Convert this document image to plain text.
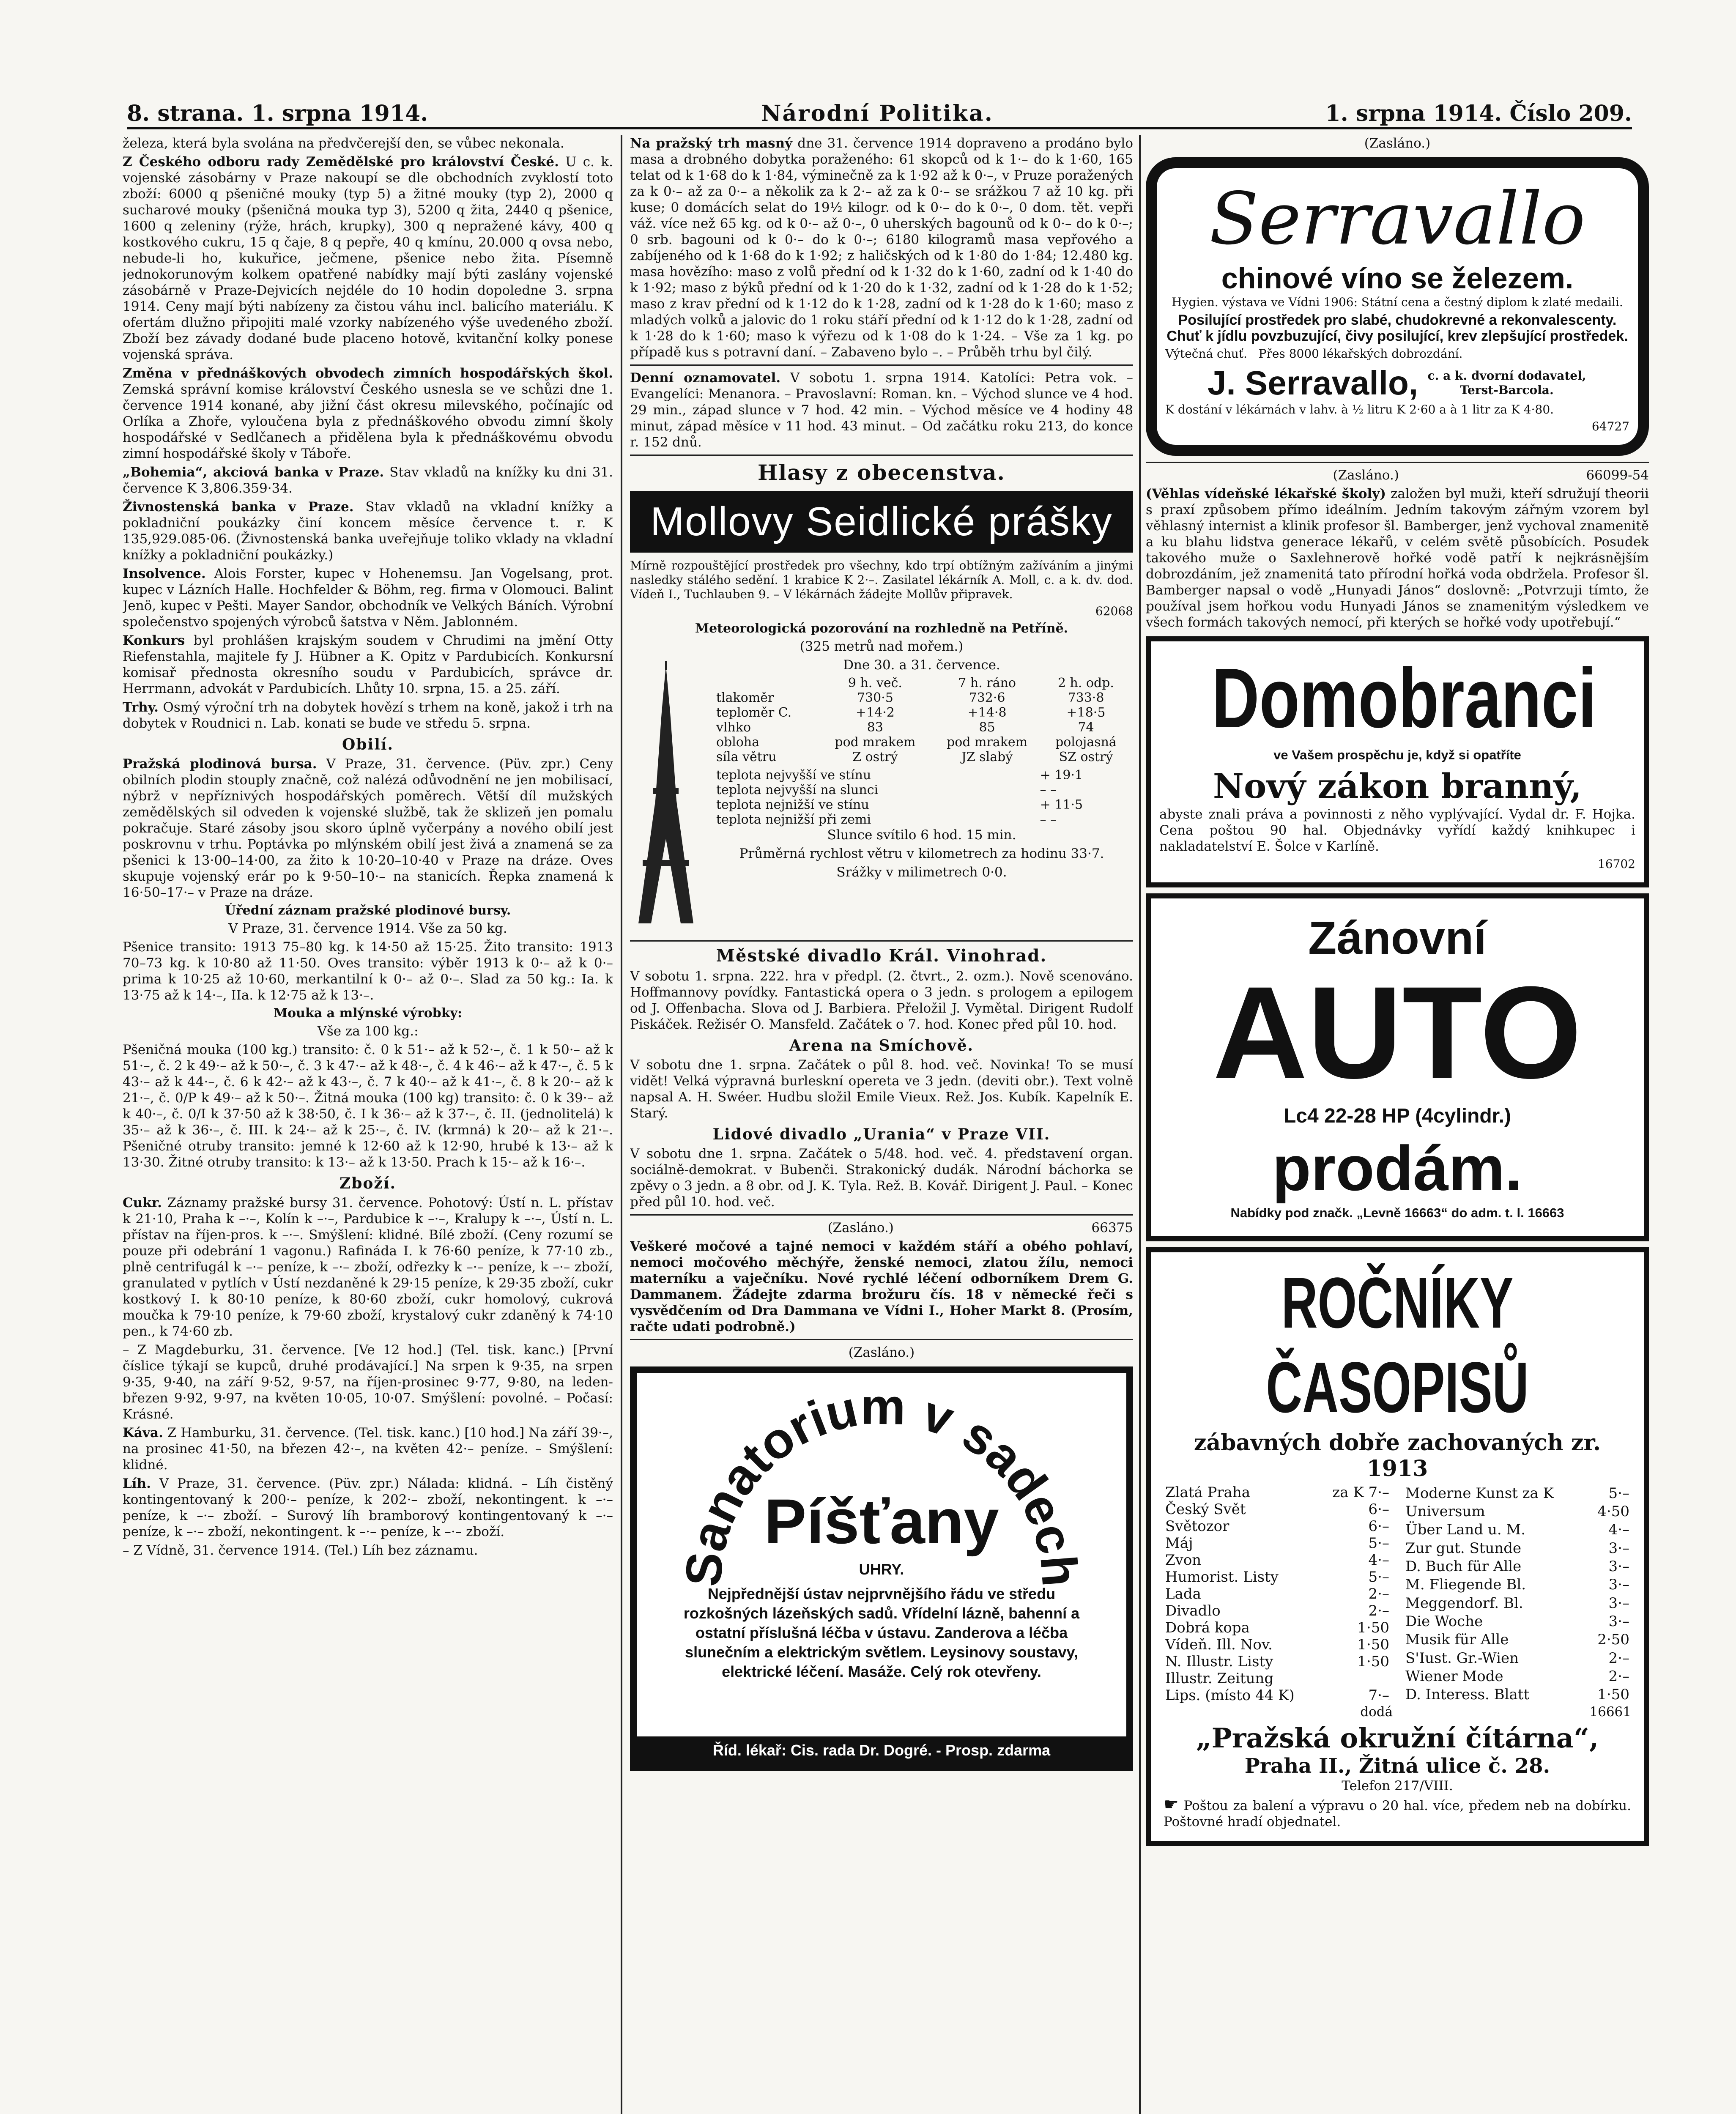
8. strana. 1. srpna 1914.	Národní Politika.	1. srpna 1914. Číslo 209.

železa, která byla svolána na předvčerejší den, se vůbec nekonala.

Z Českého odboru rady Zemědělské pro království České. U c. k. vojenské zásobárny v Praze nakoupí se dle obchodních zvyklostí toto zboží: 6000 q pšeničné mouky (typ 5) a žitné mouky (typ 2), 2000 q sucharové mouky (pšeničná mouka typ 3), 5200 q žita, 2440 q pšenice, 1600 q zeleniny (rýže, hrách, krupky), 300 q nepražené kávy, 400 q kostkového cukru, 15 q čaje, 8 q pepře, 40 q kmínu, 20.000 q ovsa nebo, nebude-li ho, kukuřice, ječmene, pšenice nebo žita. Písemně jednokorunovým kolkem opatřené nabídky mají býti zaslány vojenské zásobárně v Praze-Dejvicích nejdéle do 10 hodin dopoledne 3. srpna 1914. Ceny mají býti nabízeny za čistou váhu incl. balicího materiálu. K ofertám dlužno připojiti malé vzorky nabízeného výše uvedeného zboží. Zboží bez závady dodané bude placeno hotově, kvitanční kolky ponese vojenská správa.

Změna v přednáškových obvodech zimních hospodářských škol. Zemská správní komise království Českého usnesla se ve schůzi dne 1. července 1914 konané, aby jižní část okresu milevského, počínajíc od Orlíka a Zhoře, vyloučena byla z přednáškového obvodu zimní školy hospodářské v Sedlčanech a přidělena byla k přednáškovému obvodu zimní hospodářské školy v Táboře.

„Bohemia“, akciová banka v Praze. Stav vkladů na knížky ku dni 31. července K 3,806.359·34.

Živnostenská banka v Praze. Stav vkladů na vkladní knížky a pokladniční poukázky činí koncem měsíce července t. r. K 135,929.085·06. (Živnostenská banka uveřejňuje toliko vklady na vkladní knížky a pokladniční poukázky.)

Insolvence. Alois Forster, kupec v Hohenemsu. Jan Vogelsang, prot. kupec v Lázních Halle. Hochfelder & Böhm, reg. firma v Olomouci. Balint Jenö, kupec v Pešti. Mayer Sandor, obchodník ve Velkých Báních. Výrobní společenstvo spojených výrobců šatstva v Něm. Jablonném.

Konkurs byl prohlášen krajským soudem v Chrudimi na jmění Otty Riefenstahla, majitele fy J. Hübner a K. Opitz v Pardubicích. Konkursní komisař přednosta okresního soudu v Pardubicích, správce dr. Herrmann, advokát v Pardubicích. Lhůty 10. srpna, 15. a 25. září.

Trhy. Osmý výroční trh na dobytek hovězí s trhem na koně, jakož i trh na dobytek v Roudnici n. Lab. konati se bude ve středu 5. srpna.

Obilí.

Pražská plodinová bursa. V Praze, 31. července. (Püv. zpr.) Ceny obilních plodin stouply značně, což nalézá odůvodnění ne jen mobilisací, nýbrž v nepříznivých hospodářských poměrech. Větší díl mužských zemědělských sil odveden k vojenské službě, tak že sklizeň jen pomalu pokračuje. Staré zásoby jsou skoro úplně vyčerpány a nového obilí jest poskrovnu v trhu. Poptávka po mlýnském obilí jest živá a znamená se za pšenici k 13·00–14·00, za žito k 10·20–10·40 v Praze na dráze. Oves skupuje vojenský erár po k 9·50–10·– na stanicích. Řepka znamená k 16·50–17·– v Praze na dráze.

Úřední záznam pražské plodinové bursy.

V Praze, 31. července 1914. Vše za 50 kg.

Pšenice transito: 1913 75–80 kg. k 14·50 až 15·25. Žito transito: 1913 70–73 kg. k 10·80 až 11·50. Oves transito: výběr 1913 k 0·– až k 0·– prima k 10·25 až 10·60, merkantilní k 0·– až 0·–. Slad za 50 kg.: Ia. k 13·75 až k 14·–, IIa. k 12·75 až k 13·–.

Mouka a mlýnské výrobky:

Vše za 100 kg.:

Pšeničná mouka (100 kg.) transito: č. 0 k 51·– až k 52·–, č. 1 k 50·– až k 51·–, č. 2 k 49·– až k 50·–, č. 3 k 47·– až k 48·–, č. 4 k 46·– až k 47·–, č. 5 k 43·– až k 44·–, č. 6 k 42·– až k 43·–, č. 7 k 40·– až k 41·–, č. 8 k 20·– až k 21·–, č. 0/P k 49·– až k 50·–. Žitná mouka (100 kg) transito: č. 0 k 39·– až k 40·–, č. 0/I k 37·50 až k 38·50, č. I k 36·– až k 37·–, č. II. (jednolitelá) k 35·– až k 36·–, č. III. k 24·– až k 25·–, č. IV. (krmná) k 20·– až k 21·–. Pšeničné otruby transito: jemné k 12·60 až k 12·90, hrubé k 13·– až k 13·30. Žitné otruby transito: k 13·– až k 13·50. Prach k 15·– až k 16·–.

Zboží.

Cukr. Záznamy pražské bursy 31. července. Pohotový: Ústí n. L. přístav k 21·10, Praha k –·–, Kolín k –·–, Pardubice k –·–, Kralupy k –·–, Ústí n. L. přístav na říjen-pros. k –·–. Smýšlení: klidné. Bílé zboží. (Ceny rozumí se pouze při odebrání 1 vagonu.) Rafináda I. k 76·60 peníze, k 77·10 zb., plně centrifugál k –·– peníze, k –·– zboží, odřezky k –·– peníze, k –·– zboží, granulated v pytlích v Ústí nezdaněné k 29·15 peníze, k 29·35 zboží, cukr kostkový I. k 80·10 peníze, k 80·60 zboží, cukr homolový, cukrová moučka k 79·10 peníze, k 79·60 zboží, krystalový cukr zdaněný k 74·10 pen., k 74·60 zb.

– Z Magdeburku, 31. července. [Ve 12 hod.] (Tel. tisk. kanc.) [První číslice týkají se kupců, druhé prodávající.] Na srpen k 9·35, na srpen 9·35, 9·40, na září 9·52, 9·57, na říjen-prosinec 9·77, 9·80, na leden-březen 9·92, 9·97, na květen 10·05, 10·07. Smýšlení: povolné. – Počasí: Krásné.

Káva. Z Hamburku, 31. července. (Tel. tisk. kanc.) [10 hod.] Na září 39·–, na prosinec 41·50, na březen 42·–, na květen 42·– peníze. – Smýšlení: klidné.

Líh. V Praze, 31. července. (Püv. zpr.) Nálada: klidná. – Líh čistěný kontingentovaný k 200·– peníze, k 202·– zboží, nekontingent. k –·– peníze, k –·– zboží. – Surový líh bramborový kontingentovaný k –·– peníze, k –·– zboží, nekontingent. k –·– peníze, k –·– zboží.

– Z Vídně, 31. července 1914. (Tel.) Líh bez záznamu.

Na pražský trh masný dne 31. července 1914 dopraveno a prodáno bylo masa a drobného dobytka poraženého: 61 skopců od k 1·– do k 1·60, 165 telat od k 1·68 do k 1·84, výminečně za k 1·92 až k 0·–, v Pruze poražených za k 0·– až za 0·– a několik za k 2·– až za k 0·– se srážkou 7 až 10 kg. při kuse; 0 domácích selat do 19½ kilogr. od k 0·– do k 0·–, 0 dom. tět. vepři váž. více než 65 kg. od k 0·– až 0·–, 0 uherských bagounů od k 0·– do k 0·–; 0 srb. bagouni od k 0·– do k 0·–; 6180 kilogramů masa vepřového a zabíjeného od k 1·68 do k 1·92; z haličských od k 1·80 do 1·84; 12.480 kg. masa hovězího: maso z volů přední od k 1·32 do k 1·60, zadní od k 1·40 do k 1·92; maso z býků přední od k 1·20 do k 1·32, zadní od k 1·28 do k 1·52; maso z krav přední od k 1·12 do k 1·28, zadní od k 1·28 do k 1·60; maso z mladých volků a jalovic do 1 roku stáří přední od k 1·12 do k 1·28, zadní od k 1·28 do k 1·60; maso k výřezu od k 1·08 do k 1·24. – Vše za 1 kg. po případě kus s potravní daní. – Zabaveno bylo –. – Průběh trhu byl čilý.

Denní oznamovatel. V sobotu 1. srpna 1914. Katolíci: Petra vok. – Evangelíci: Menanora. – Pravoslavní: Roman. kn. – Východ slunce ve 4 hod. 29 min., západ slunce v 7 hod. 42 min. – Východ měsíce ve 4 hodiny 48 minut, západ měsíce v 11 hod. 43 minut. – Od začátku roku 213, do konce r. 152 dnů.

Hlasy z obecenstva.
Mollovy Seidlické prášky

Mírně rozpouštějící prostředek pro všechny, kdo trpí obtížným zažíváním a jinými nasledky stálého sedění. 1 krabice K 2·–. Zasilatel lékárník A. Moll, c. a k. dv. dod. Vídeň I., Tuchlauben 9. – V lékárnách žádejte Mollův připravek.

62068

Meteorologická pozorování na rozhledně na Petříně.

(325 metrů nad mořem.)

Dne 30. a 31. července.

	9 h. več.	7 h. ráno	2 h. odp.
tlakoměr	730·5	732·6	733·8
teploměr C.	+14·2	+14·8	+18·5
vlhko	83	85	74
obloha	pod mrakem	pod mrakem	polojasná
síla větru	Z ostrý	JZ slabý	SZ ostrý
teplota nejvyšší ve stínu	+ 19·1
teplota nejvyšší na slunci	– –
teplota nejnižší ve stínu	+ 11·5
teplota nejnižší při zemi	– –

Slunce svítilo 6 hod. 15 min.

Průměrná rychlost větru v kilometrech za hodinu 33·7.

Srážky v milimetrech 0·0.

Městské divadlo Král. Vinohrad.

V sobotu 1. srpna. 222. hra v předpl. (2. čtvrt., 2. ozm.). Nově scenováno. Hoffmannovy povídky. Fantastická opera o 3 jedn. s prologem a epilogem od J. Offenbacha. Slova od J. Barbiera. Přeložil J. Vymětal. Dirigent Rudolf Piskáček. Režisér O. Mansfeld. Začátek o 7. hod. Konec před půl 10. hod.

Arena na Smíchově.

V sobotu dne 1. srpna. Začátek o půl 8. hod. več. Novinka! To se musí vidět! Velká výpravná burleskní opereta ve 3 jedn. (deviti obr.). Text volně napsal A. H. Swéer. Hudbu složil Emile Vieux. Rež. Jos. Kubík. Kapelník E. Starý.

Lidové divadlo „Urania“ v Praze VII.

V sobotu dne 1. srpna. Začátek o 5/48. hod. več. 4. představení organ. sociálně-demokrat. v Bubenči. Strakonický dudák. Národní báchorka se zpěvy o 3 jedn. a 8 obr. od J. K. Tyla. Rež. B. Kovář. Dirigent J. Paul. – Konec před půl 10. hod. več.

(Zasláno.)	66375

Veškeré močové a tajné nemoci v každém stáří a obého pohlaví, nemoci močového měchýře, ženské nemoci, zlatou žílu, nemoci materníku a vaječníku. Nové rychlé léčení odborníkem Drem G. Dammanem. Žádejte zdarma brožuru čís. 18 v německé řeči s vysvědčením od Dra Dammana ve Vídni I., Hoher Markt 8. (Prosím, račte udati podrobně.)

(Zasláno.)

Sanatorium v sadech
Píšťany
UHRY.

Nejpřednější ústav nejprvnějšího řádu ve středu rozkošných lázeňských sadů. Vřídelní lázně, bahenní a ostatní příslušná léčba v ústavu. Zanderova a léčba slunečním a elektrickým světlem. Leysinovy soustavy, elektrické léčení. Masáže. Celý rok otevřeny.

Říd. lékař: Cis. rada Dr. Dogré. - Prosp. zdarma

(Zasláno.)

Serravallo
chinové víno se železem.

Hygien. výstava ve Vídni 1906: Státní cena a čestný diplom k zlaté medaili.

Posilující prostředek pro slabé, chudokrevné a rekonvalescenty. Chuť k jídlu povzbuzující, čivy posilující, krev zlepšující prostředek.

Výtečná chuť. Přes 8000 lékařských dobrozdání.

J. Serravallo, c. a k. dvorní dodavatel, Terst-Barcola.

K dostání v lékárnách v lahv. à ½ litru K 2·60 a à 1 litr za K 4·80.

64727

(Zasláno.)	66099-54

(Věhlas vídeňské lékařské školy) založen byl muži, kteří sdružují theorii s praxí způsobem přímo ideálním. Jedním takovým zářným vzorem byl věhlasný internist a klinik profesor šl. Bamberger, jenž vychoval znamenitě a ku blahu lidstva generace lékařů, v celém světě působících. Posudek takového muže o Saxlehnerově hořké vodě patří k nejkrásnějším dobrozdáním, jež znamenitá tato přírodní hořká voda obdržela. Profesor šl. Bamberger napsal o vodě „Hunyadi János“ doslovně: „Potvrzuji tímto, že používal jsem hořkou vodu Hunyadi János se znamenitým výsledkem ve všech formách takových nemocí, při kterých se hořké vody upotřebují.“

Domobranci

ve Vašem prospěchu je, když si opatříte

Nový zákon branný,

abyste znali práva a povinnosti z něho vyplývající. Vydal dr. F. Hojka. Cena poštou 90 hal. Objednávky vyřídí každý knihkupec i nakladatelství E. Šolce v Karlíně.

16702

Zánovní
AUTO
Lc4 22-28 HP (4cylindr.)
prodám.

Nabídky pod značk. „Levně 16663“ do adm. t. l. 16663

ROČNÍKY ČASOPISŮ
zábavných dobře zachovaných zr. 1913
Zlatá Praha	za K 7·–
Český Svět	6·–
Světozor	6·–
Máj	5·–
Zvon	4·–
Humorist. Listy	5·–
Lada	2·–
Divadlo	2·–
Dobrá kopa	1·50
Vídeň. Ill. Nov.	1·50
N. Illustr. Listy	1·50
Illustr. Zeitung	
Lips. (místo 44 K)	7·–
Moderne Kunst za K	5·–
Universum	4·50
Über Land u. M.	4·–
Zur gut. Stunde	3·–
D. Buch für Alle	3·–
M. Fliegende Bl.	3·–
Meggendorf. Bl.	3·–
Die Woche	3·–
Musik für Alle	2·50
S'Iust. Gr.-Wien	2·–
Wiener Mode	2·–
D. Interess. Blatt	1·50

dodá	16661

„Pražská okružní čítárna“,
Praha II., Žitná ulice č. 28.

Telefon 217/VIII.

☛ Poštou za balení a výpravu o 20 hal. více, předem neb na dobírku. Poštovné hradí objednatel.
